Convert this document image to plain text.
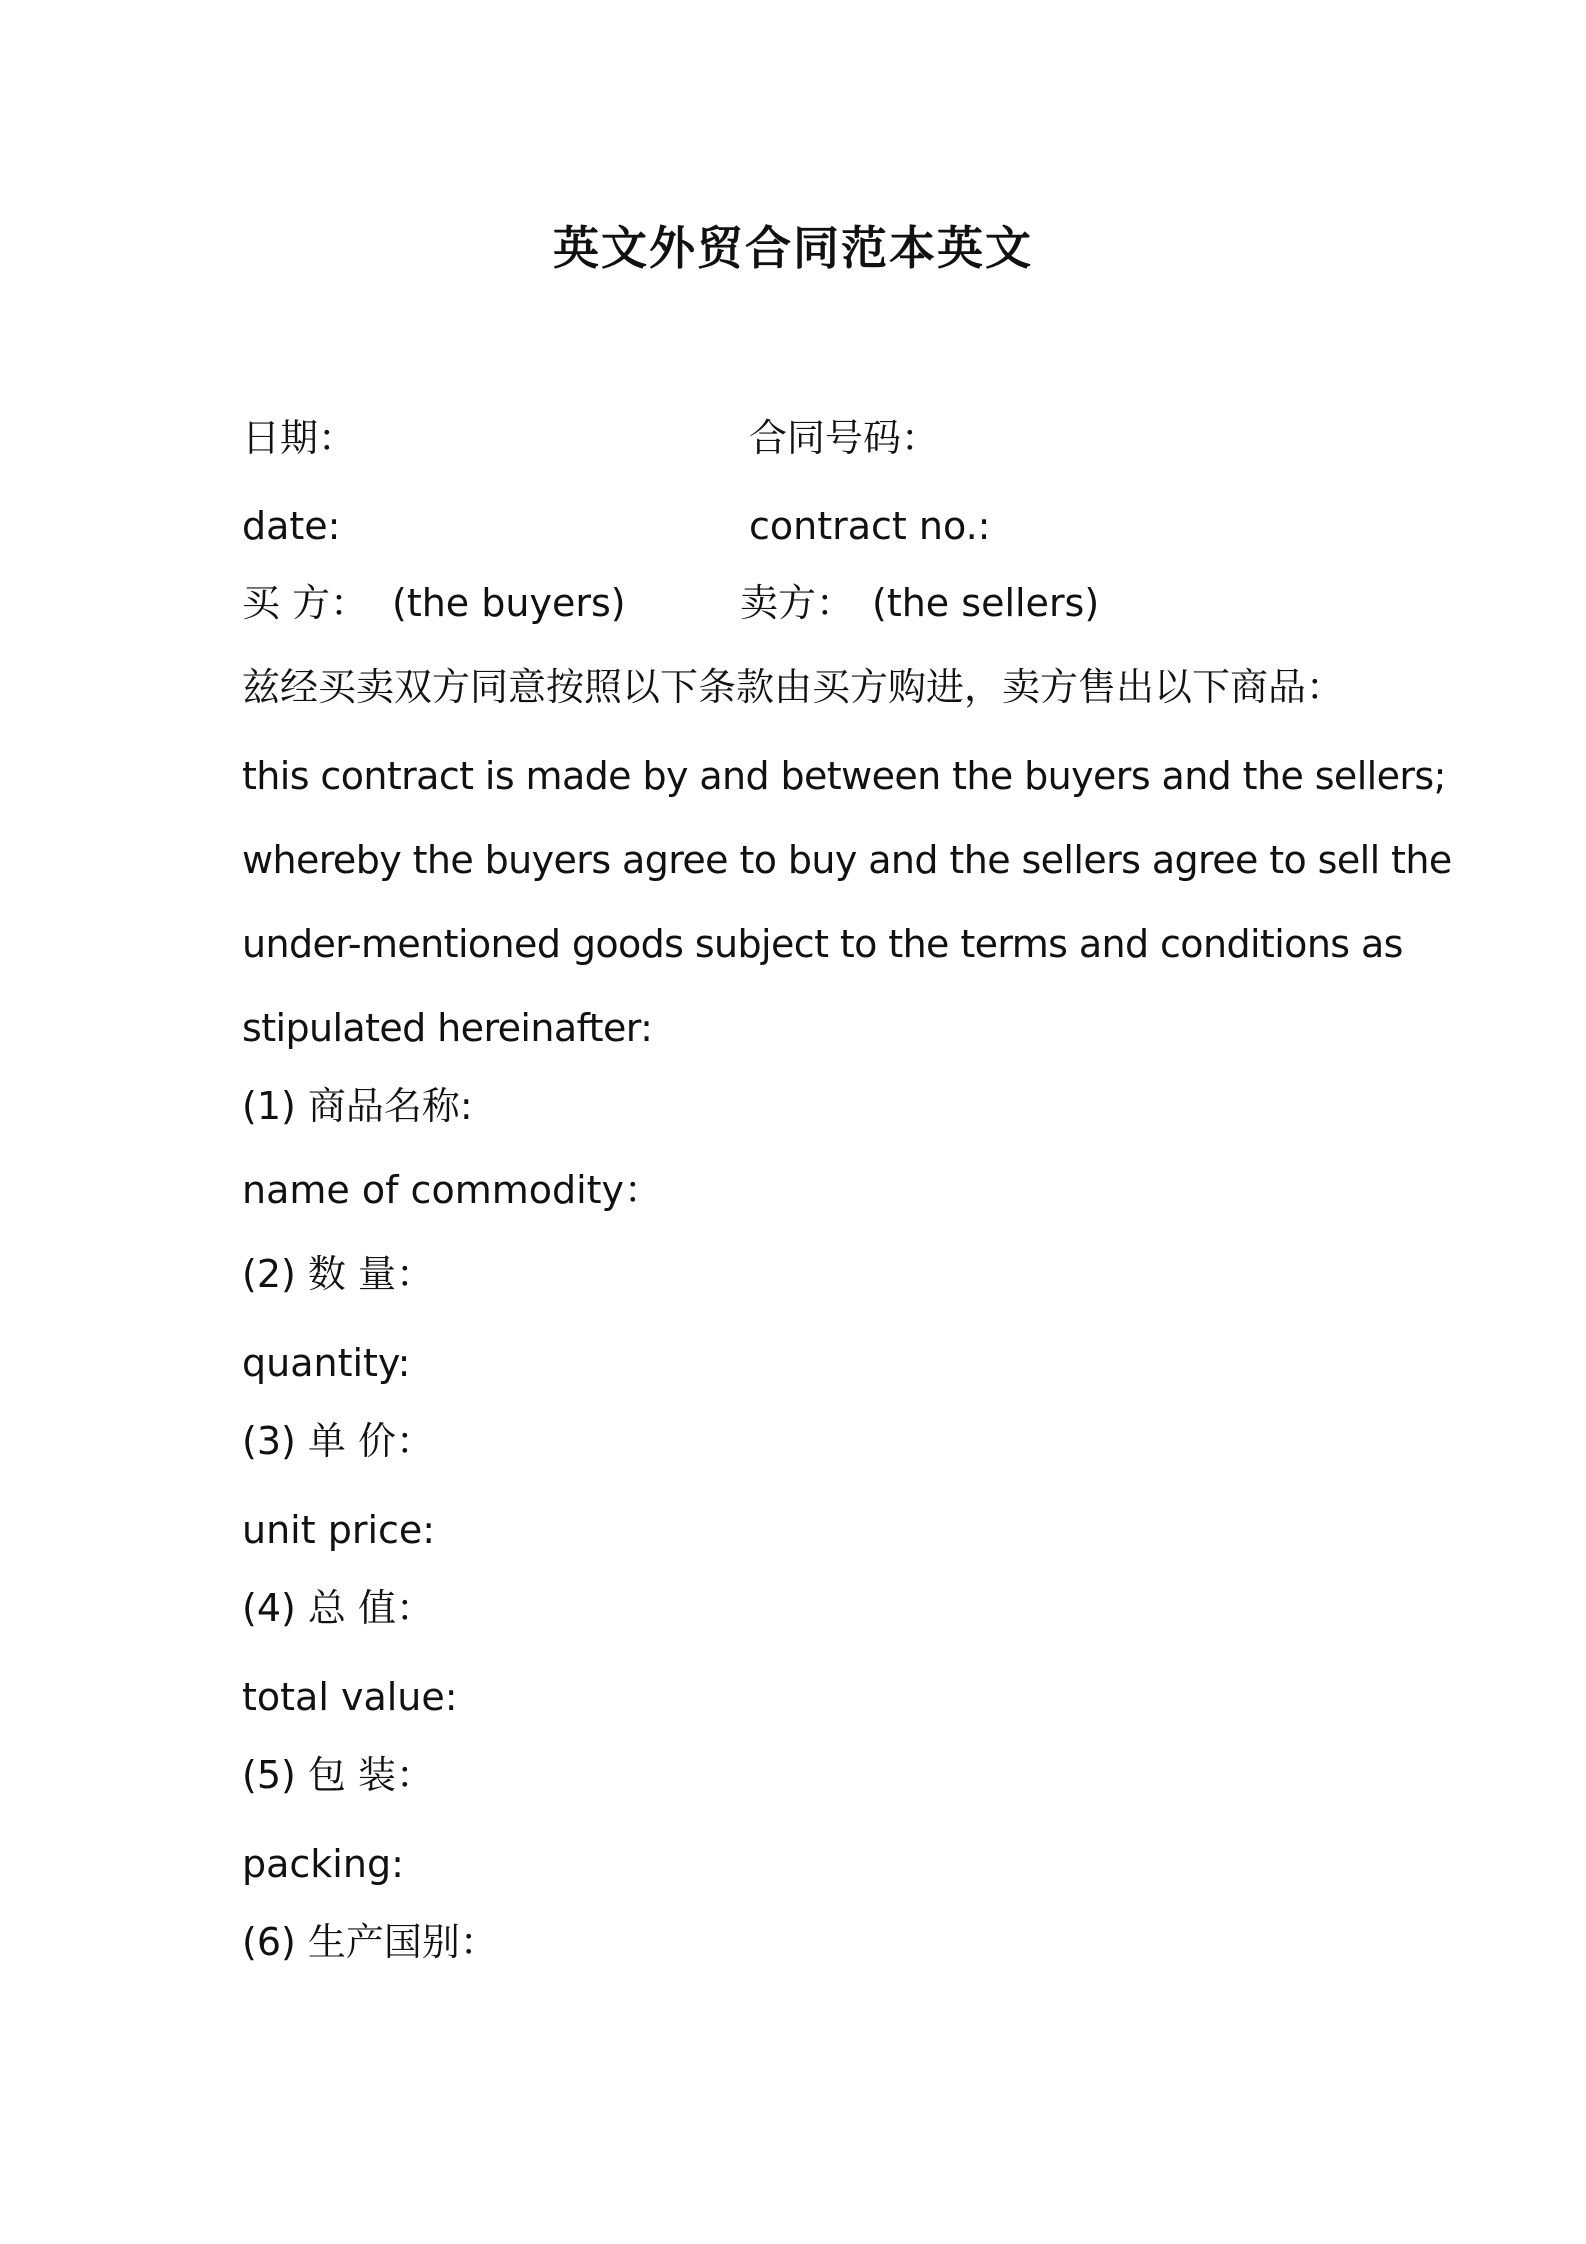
英文外贸合同范本英文
日期：	合同号码：
date:	contract no.:
买 方： (the buyers)	卖方： (the sellers)
兹经买卖双方同意按照以下条款由买方购进，卖方售出以下商品：
this contract is made by and between the buyers and the sellers;
whereby the buyers agree to buy and the sellers agree to sell the
under-mentioned goods subject to the terms and conditions as
stipulated hereinafter:
(1) 商品名称:
name of commodity：
(2) 数 量：
quantity:
(3) 单 价：
unit price:
(4) 总 值：
total value:
(5) 包 装：
packing:
(6) 生产国别：
